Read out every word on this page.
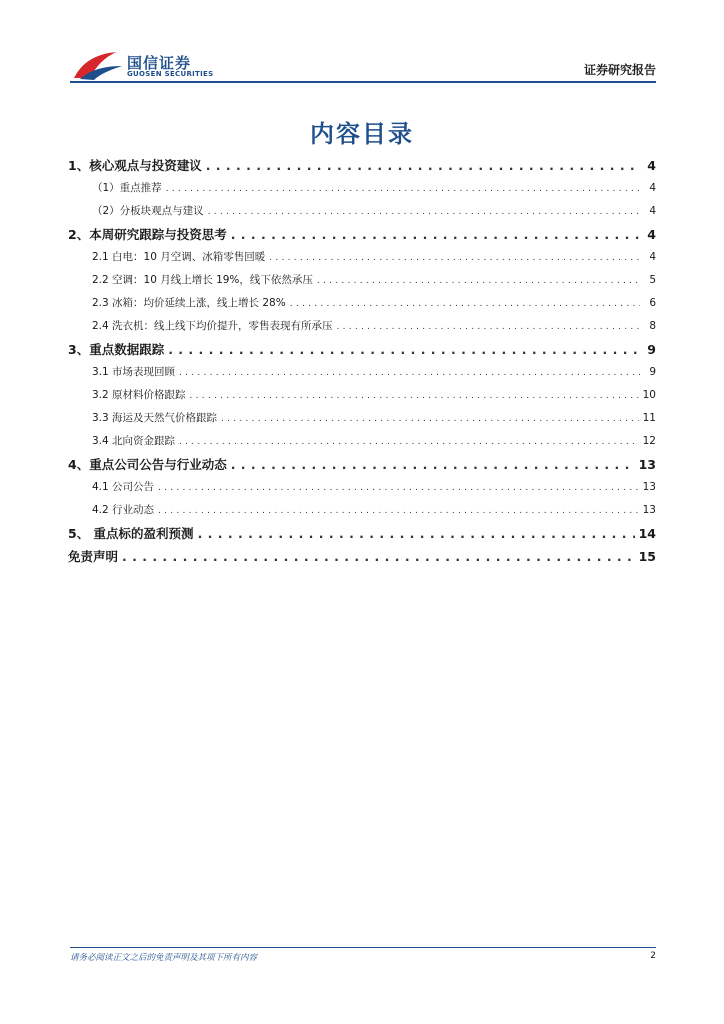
国信证券
GUOSEN SECURITIES	证券研究报告
内容目录
1、核心观点与投资建议 . . .	4
（1）重点推荐 . . .	4
（2）分板块观点与建议 . . .	4
2、本周研究跟踪与投资思考 . . .	4
2.1 白电：10 月空调、冰箱零售回暖 . . .	4
2.2 空调：10 月线上增长 19%，线下依然承压 . . .	5
2.3 冰箱：均价延续上涨，线上增长 28% . . .	6
2.4 洗衣机：线上线下均价提升，零售表现有所承压 . . .	8
3、重点数据跟踪 . . .	9
3.1 市场表现回顾 . . .	9
3.2 原材料价格跟踪 . . .	10
3.3 海运及天然气价格跟踪 . . .	11
3.4 北向资金跟踪 . . .	12
4、重点公司公告与行业动态 . . .	13
4.1 公司公告 . . .	13
4.2 行业动态 . . .	13
5、 重点标的盈利预测 . . .	14
免责声明 . . .	15
请务必阅读正文之后的免责声明及其项下所有内容	2
